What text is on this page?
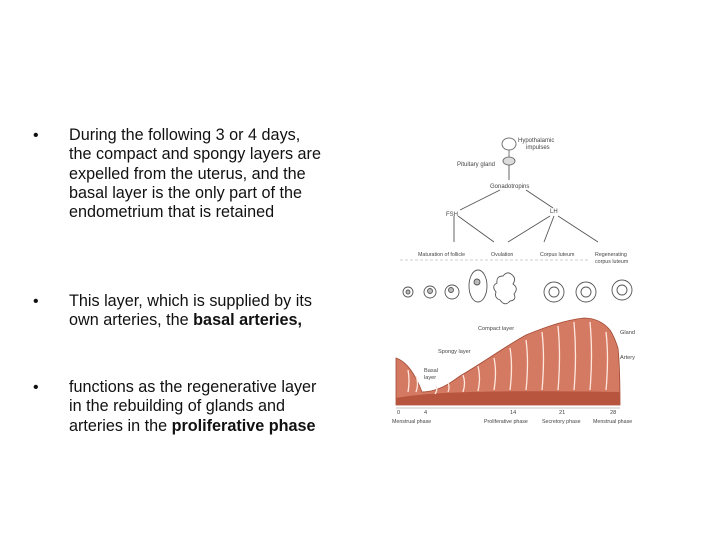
• During the following 3 or 4 days, the compact and spongy layers are expelled from the uterus, and the basal layer is the only part of the endometrium that is retained
• This layer, which is supplied by its own arteries, the basal arteries,
• functions as the regenerative layer in the rebuilding of glands and arteries in the proliferative phase
Hypothalamic
impulses
Pituitary gland
Gonadotropins
FSH	LH
Maturation of follicle	Ovulation	Corpus luteum	Regenerating
corpus luteum
Compact layer
Spongy layer
Basal
layer
Gland
Artery
0	4	14	21	28
Menstrual phase	Proliferative phase	Secretory phase Menstrual phase
